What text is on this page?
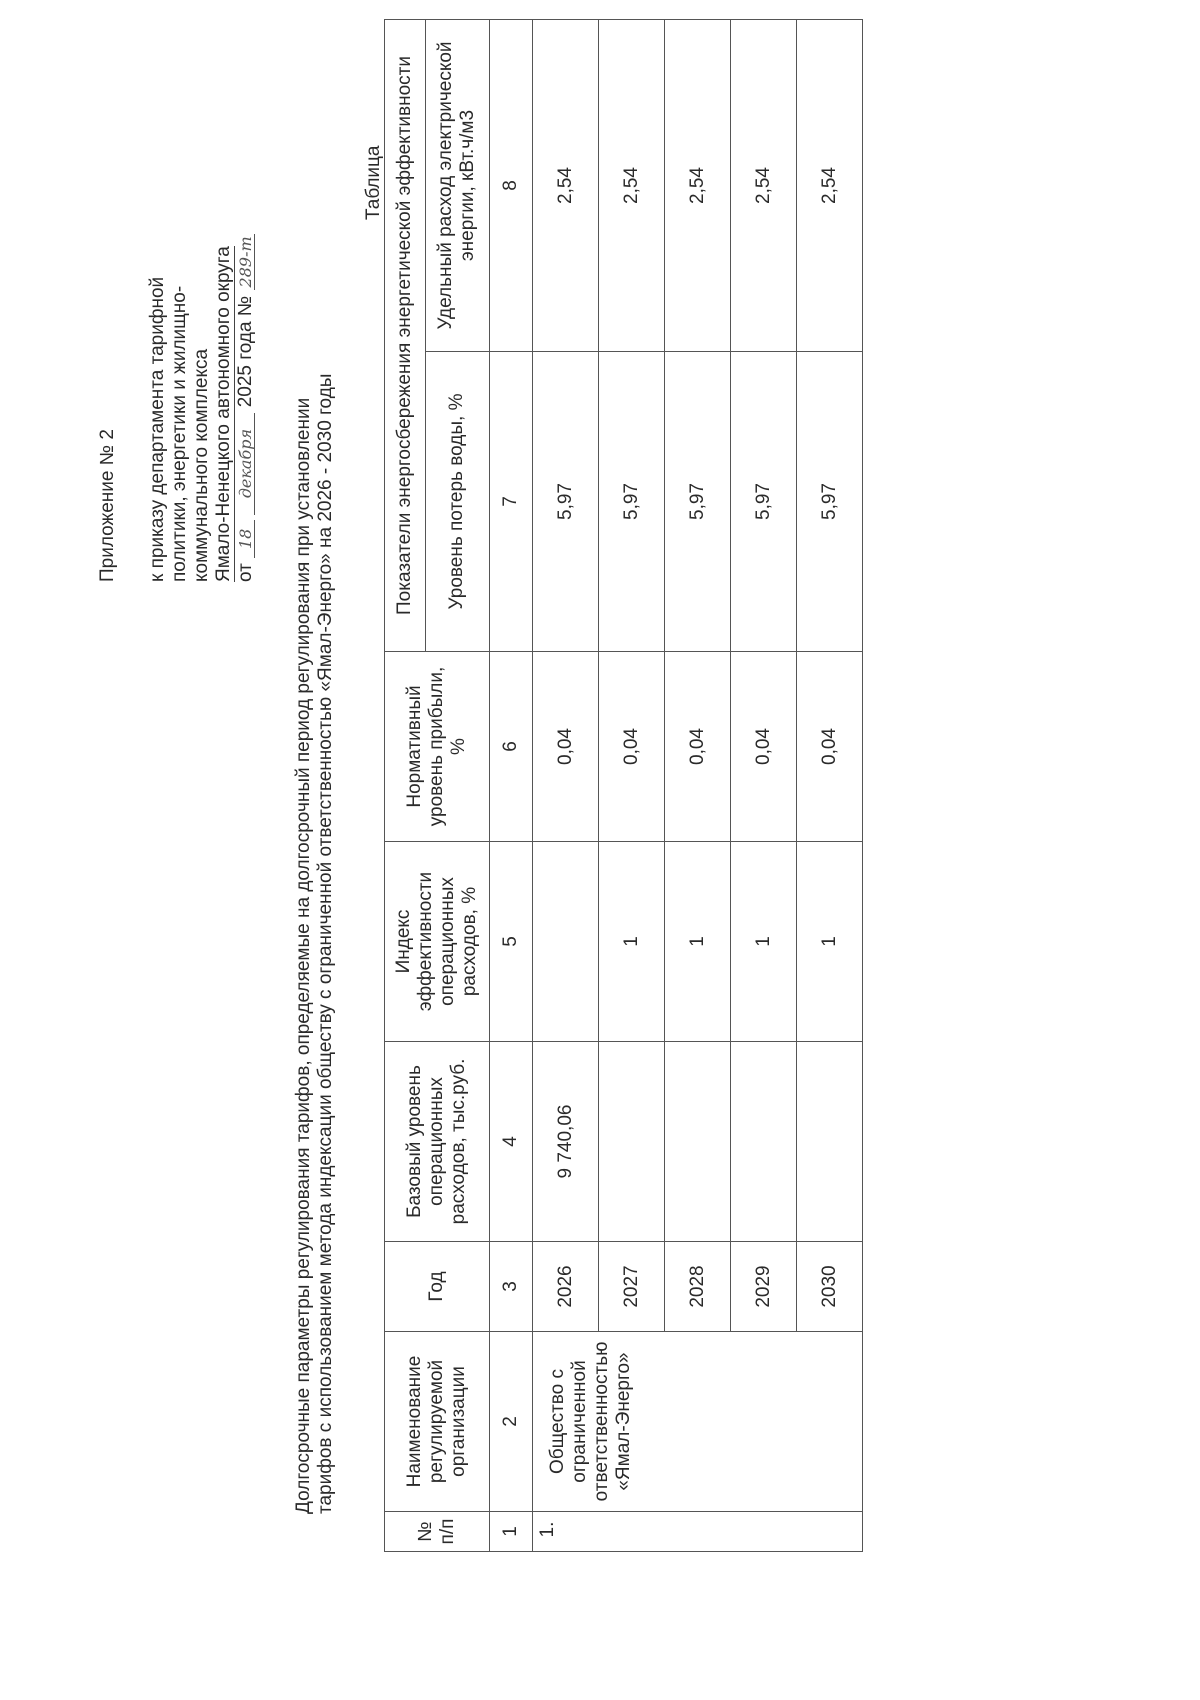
Приложение № 2 к приказу департамента тарифной политики, энергетики и жилищно- коммунального комплекса Ямало-Ненецкого автономного округа от 18 декабря 2025 года № 289-т
Долгосрочные параметры регулирования тарифов, определяемые на долгосрочный период регулирования при установлении тарифов с использованием метода индексации обществу с ограниченной ответственностью «Ямал-Энерго» на 2026 - 2030 годы
Таблица
№ п/п	Наименование регулируемой организации	Год	Базовый уровень операционных расходов, тыс.руб.	Индекс эффективности операционных расходов, %	Нормативный уровень прибыли, %	Показатели энергосбережения энергетической эффективности	
						Уровень потерь воды, %	Удельный расход электрической энергии, кВт.ч/м3
1	2	3	4	5	6	7	8
1.	Общество с ограниченной ответственностью «Ямал-Энерго»	2026	9 740,06		0,04	5,97	2,54
		2027		1	0,04	5,97	2,54
		2028		1	0,04	5,97	2,54
		2029		1	0,04	5,97	2,54
		2030		1	0,04	5,97	2,54
